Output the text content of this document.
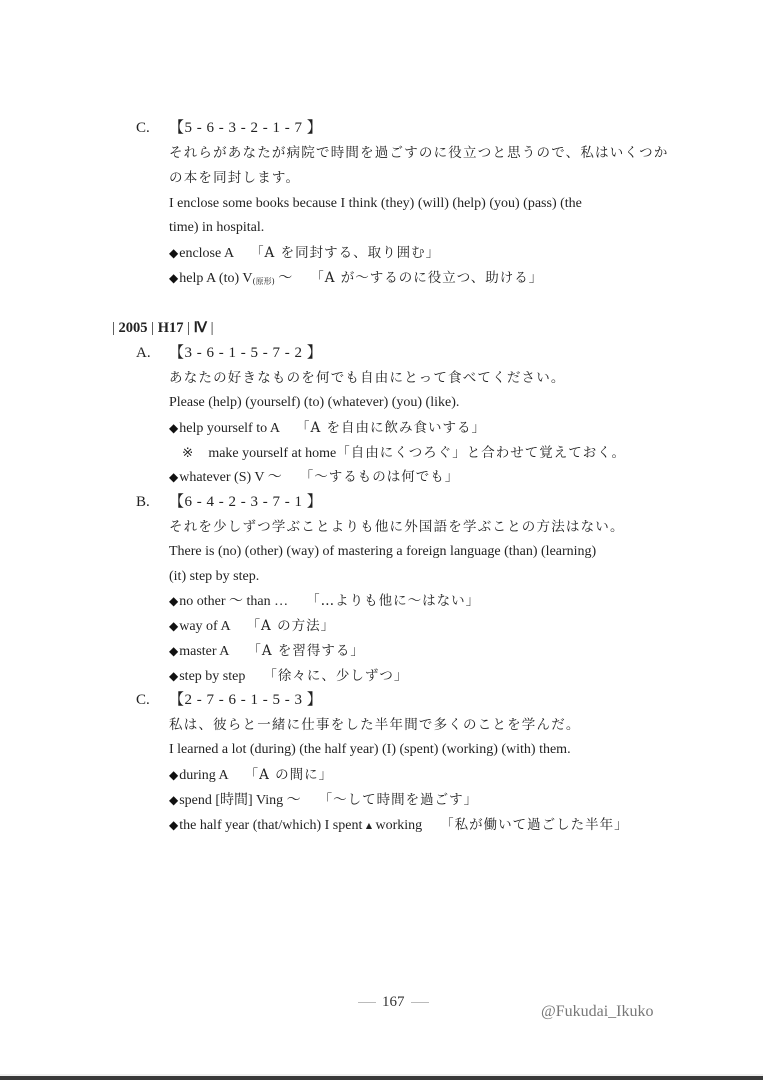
C. 【5 - 6 - 3 - 2 - 1 - 7 】
それらがあなたが病院で時間を過ごすのに役立つと思うので、私はいくつか
の本を同封します。
I enclose some books because I think (they) (will) (help) (you) (pass) (the
time) in hospital.
◆enclose A 「A を同封する、取り囲む」
◆help A (to) $V_{(原形)}$ ～ 「A が～するのに役立つ、助ける」
| 2005 | H17 | Ⅳ |
A. 【3 - 6 - 1 - 5 - 7 - 2 】
あなたの好きなものを何でも自由にとって食べてください。
Please (help) (yourself) (to) (whatever) (you) (like).
◆help yourself to A 「A を自由に飲み食いする」
※ make yourself at home「自由にくつろぐ」と合わせて覚えておく。
◆whatever (S) V ～ 「～するものは何でも」
B. 【6 - 4 - 2 - 3 - 7 - 1 】
それを少しずつ学ぶことよりも他に外国語を学ぶことの方法はない。
There is (no) (other) (way) of mastering a foreign language (than) (learning)
(it) step by step.
◆no other ～ than … 「…よりも他に～はない」
◆way of A 「A の方法」
◆master A 「A を習得する」
◆step by step 「徐々に、少しずつ」
C. 【2 - 7 - 6 - 1 - 5 - 3 】
私は、彼らと一緒に仕事をした半年間で多くのことを学んだ。
I learned a lot (during) (the half year) (I) (spent) (working) (with) them.
◆during A 「A の間に」
◆spend [時間] Ving ～ 「～して時間を過ごす」
◆the half year (that/which) I spent ▲ working 「私が働いて過ごした半年」
167
@Fukudai_Ikuko
